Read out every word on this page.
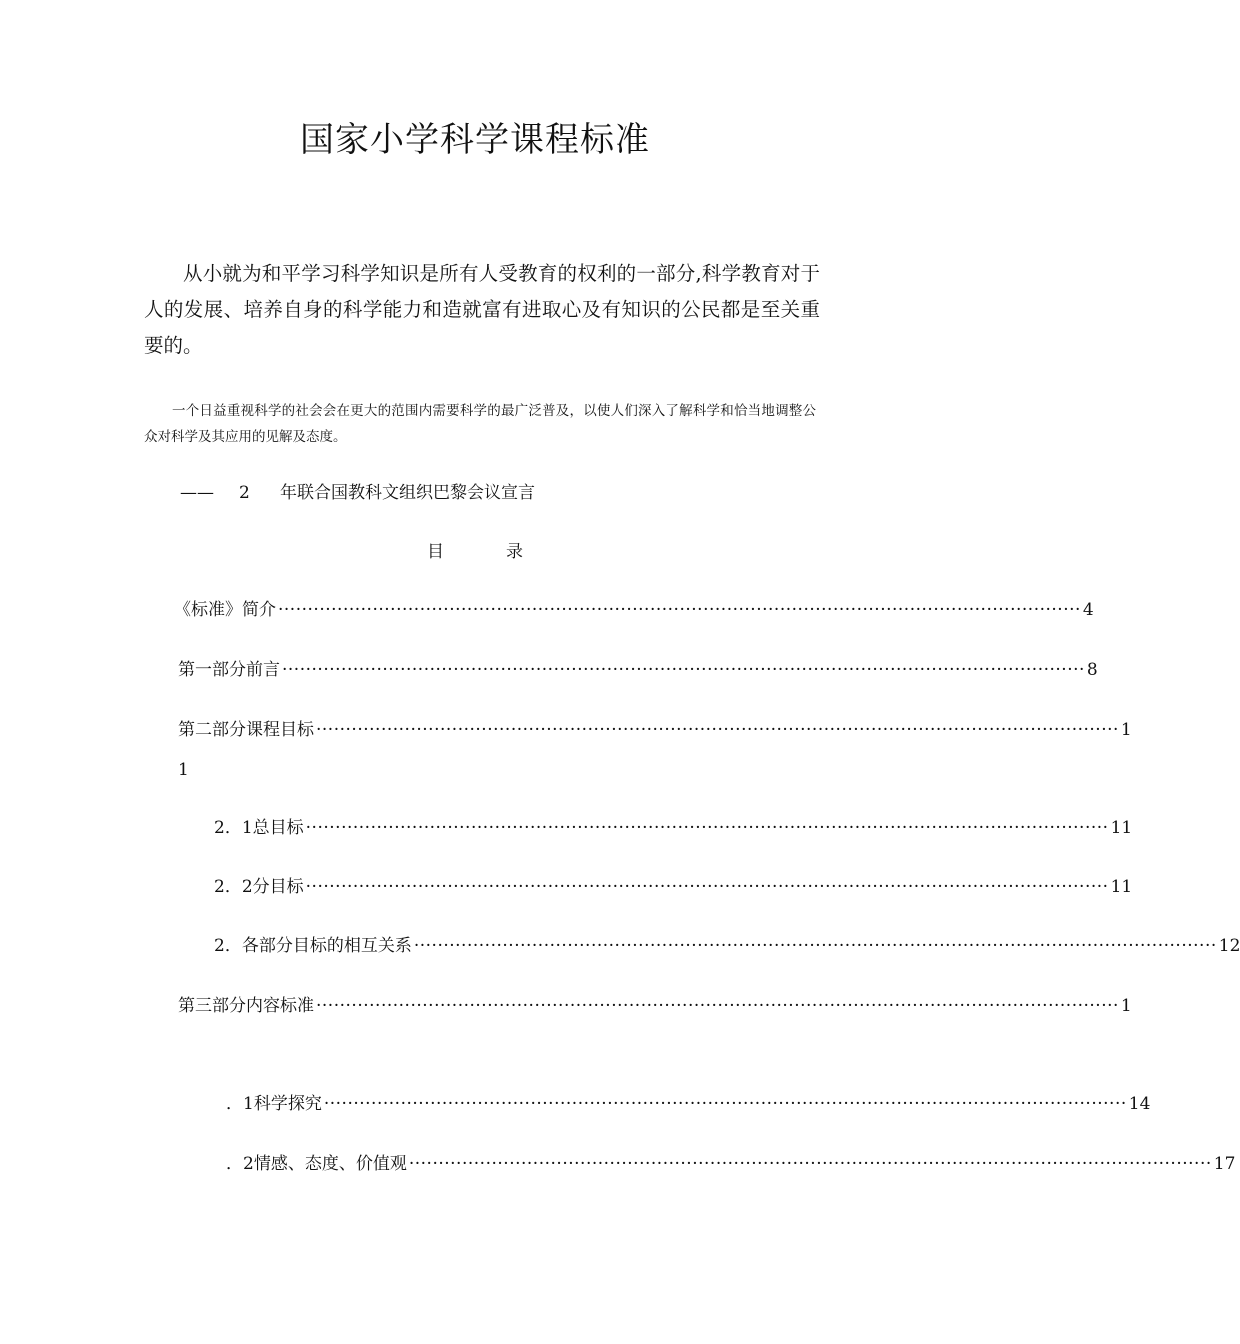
国家小学科学课程标准

从小就为和平学习科学知识是所有人受教育的权利的一部分,科学教育对于人的发展、培养自身的科学能力和造就富有进取心及有知识的公民都是至关重要的。

一个日益重视科学的社会会在更大的范围内需要科学的最广泛普及，以使人们深入了解科学和恰当地调整公众对科学及其应用的见解及态度。

—— 2 年联合国教科文组织巴黎会议宣言
目	录
《标准》简介 ········································································································································ 4
第一部分 前言 ········································································································································ 8
第二部分 课程目标 ········································································································································ 1
1
2．1 总目标 ········································································································································ 11
2．2 分目标 ········································································································································ 11
2． 各部分目标的相互关系 ········································································································································ 12
第三部分 内容标准 ········································································································································ 1
．1 科学探究 ········································································································································ 14
．2 情感、态度、价值观 ········································································································································ 17
